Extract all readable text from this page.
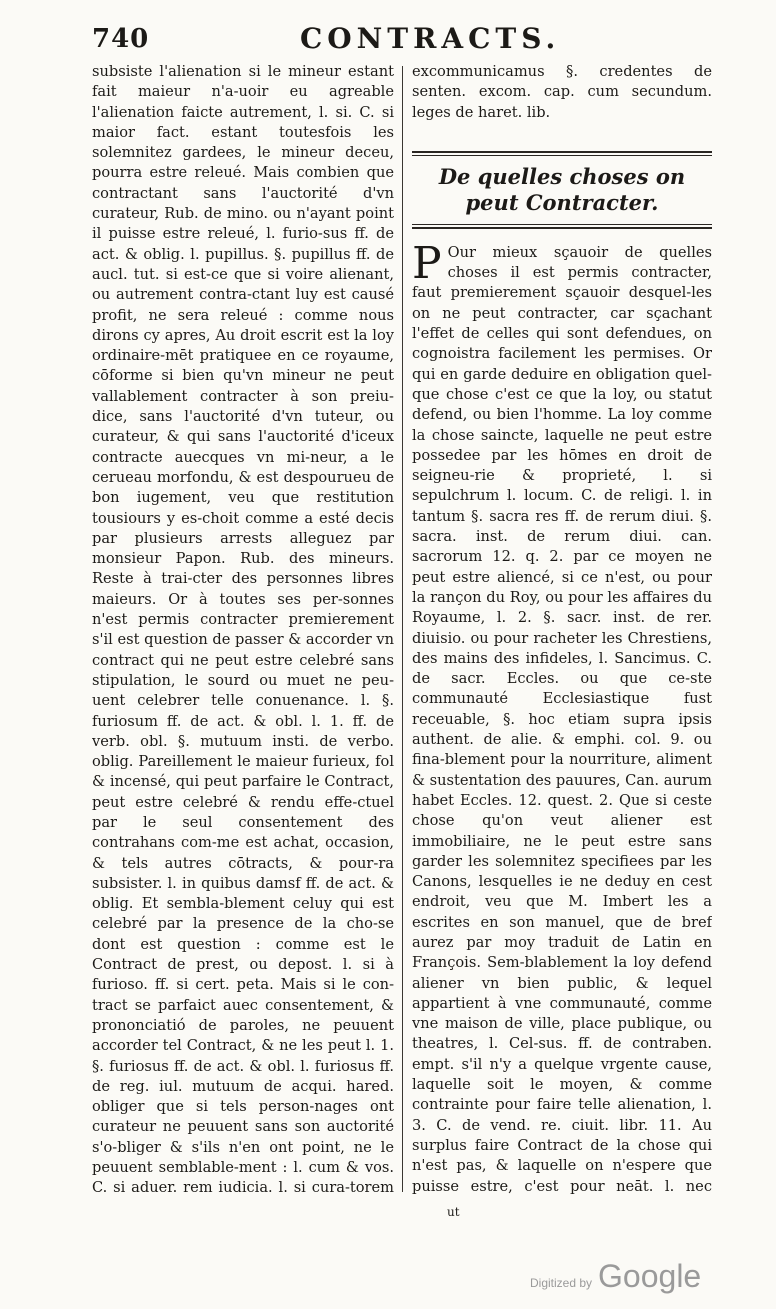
740	CONTRACTS.

subsiste l'alienation si le mineur estant fait maieur n'a-uoir eu agreable l'alienation faicte autrement, l. si. C. si maior fact. estant toutesfois les solemnitez gardees, le mineur deceu, pourra estre releué. Mais combien que contractant sans l'auctorité d'vn curateur, Rub. de mino. ou n'ayant point il puisse estre releué, l. furio-sus ff. de act. & oblig. l. pupillus. §. pupillus ff. de aucl. tut. si est-ce que si voire alienant, ou autrement contra-ctant luy est causé profit, ne sera releué : comme nous dirons cy apres, Au droit escrit est la loy ordinaire-mēt pratiquee en ce royaume, cōforme si bien qu'vn mineur ne peut vallablement contracter à son preiu-dice, sans l'auctorité d'vn tuteur, ou curateur, & qui sans l'auctorité d'iceux contracte auecques vn mi-neur, a le cerueau morfondu, & est despourueu de bon iugement, veu que restitution tousiours y es-choit comme a esté decis par plusieurs arrests alleguez par monsieur Papon. Rub. des mineurs. Reste à trai-cter des personnes libres maieurs. Or à toutes ses per-sonnes n'est permis contracter premierement s'il est question de passer & accorder vn contract qui ne peut estre celebré sans stipulation, le sourd ou muet ne peu-uent celebrer telle conuenance. l. §. furiosum ff. de act. & obl. l. 1. ff. de verb. obl. §. mutuum insti. de verbo. oblig. Pareillement le maieur furieux, fol & incensé, qui peut parfaire le Contract, peut estre celebré & rendu effe-ctuel par le seul consentement des contrahans com-me est achat, occasion, & tels autres cōtracts, & pour-ra subsister. l. in quibus damsf ff. de act. & oblig. Et sembla-blement celuy qui est celebré par la presence de la cho-se dont est question : comme est le Contract de prest, ou depost. l. si à furioso. ff. si cert. peta. Mais si le con-tract se parfaict auec consentement, & prononciatió de paroles, ne peuuent accorder tel Contract, & ne les peut l. 1. §. furiosus ff. de act. & obl. l. furiosus ff. de reg. iul. mutuum de acqui. hared. obliger que si tels person-nages ont curateur ne peuuent sans son auctorité s'o-bliger & s'ils n'en ont point, ne le peuuent semblable-ment : l. cum & vos. C. si aduer. rem iudicia. l. si cura-torem

excommunicamus §. credentes de senten. excom. cap. cum secundum. leges de haret. lib.

De quelles choses on peut Contracter.

P Our mieux sçauoir de quelles choses il est permis contracter, faut premierement sçauoir desquel-les on ne peut contracter, car sçachant l'effet de celles qui sont defendues, on cognoistra facilement les permises. Or qui en garde deduire en obligation quel-que chose c'est ce que la loy, ou statut defend, ou bien l'homme. La loy comme la chose saincte, laquelle ne peut estre possedee par les hōmes en droit de seigneu-rie & proprieté, l. si sepulchrum l. locum. C. de religi. l. in tantum §. sacra res ff. de rerum diui. §. sacra. inst. de rerum diui. can. sacrorum 12. q. 2. par ce moyen ne peut estre aliencé, si ce n'est, ou pour la rançon du Roy, ou pour les affaires du Royaume, l. 2. §. sacr. inst. de rer. diuisio. ou pour racheter les Chrestiens, des mains des infideles, l. Sancimus. C. de sacr. Eccles. ou que ce-ste communauté Ecclesiastique fust receuable, §. hoc etiam supra ipsis authent. de alie. & emphi. col. 9. ou fina-blement pour la nourriture, aliment & sustentation des pauures, Can. aurum habet Eccles. 12. quest. 2. Que si ceste chose qu'on veut aliener est immobiliaire, ne le peut estre sans garder les solemnitez specifiees par les Canons, lesquelles ie ne deduy en cest endroit, veu que M. Imbert les a escrites en son manuel, que de bref aurez par moy traduit de Latin en François. Sem-blablement la loy defend aliener vn bien public, & lequel appartient à vne communauté, comme vne maison de ville, place publique, ou theatres, l. Cel-sus. ff. de contraben. empt. s'il n'y a quelque vrgente cause, laquelle soit le moyen, & comme contrainte pour faire telle alienation, l. 3. C. de vend. re. ciuit. libr. 11. Au surplus faire Contract de la chose qui n'est pas, & laquelle on n'espere que puisse estre, c'est pour neāt. l. nec

ut

Digitized by Google
